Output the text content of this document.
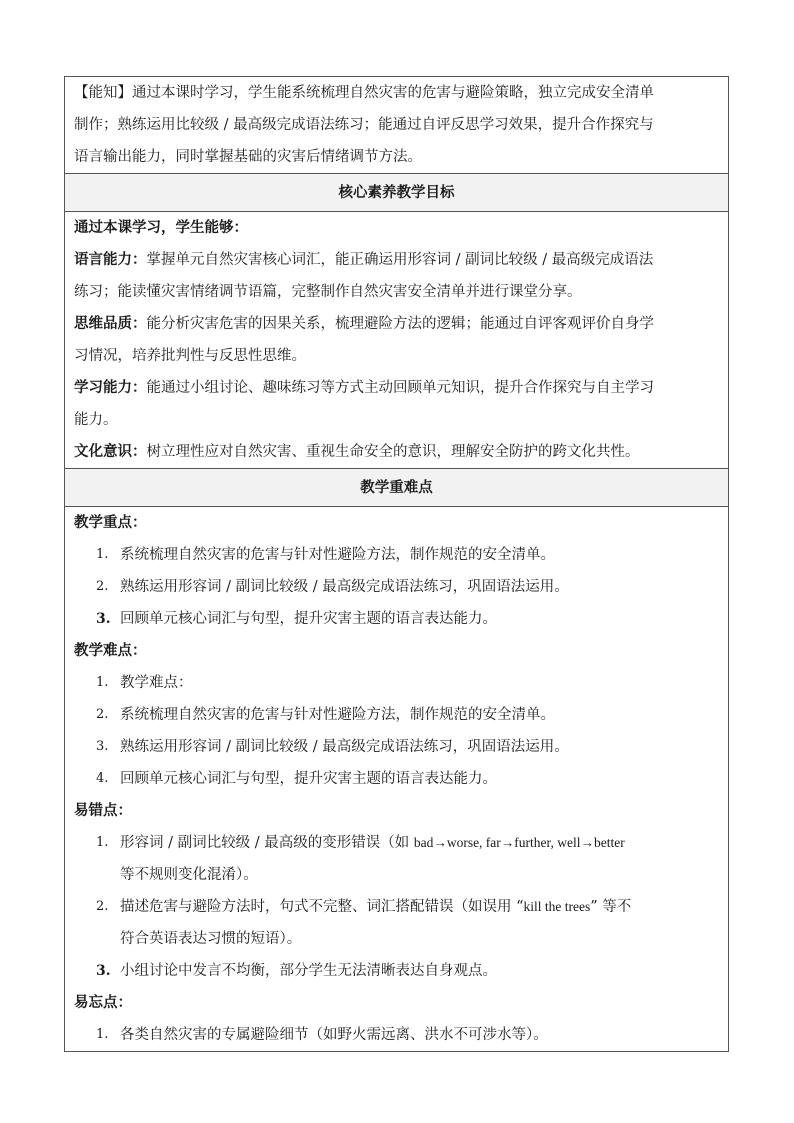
【能知】通过本课时学习，学生能系统梳理自然灾害的危害与避险策略，独立完成安全清单

制作；熟练运用比较级 / 最高级完成语法练习；能通过自评反思学习效果，提升合作探究与

语言输出能力，同时掌握基础的灾害后情绪调节方法。

核心素养教学目标

通过本课学习，学生能够：

语言能力：掌握单元自然灾害核心词汇，能正确运用形容词 / 副词比较级 / 最高级完成语法

练习；能读懂灾害情绪调节语篇，完整制作自然灾害安全清单并进行课堂分享。

思维品质：能分析灾害危害的因果关系，梳理避险方法的逻辑；能通过自评客观评价自身学

习情况，培养批判性与反思性思维。

学习能力：能通过小组讨论、趣味练习等方式主动回顾单元知识，提升合作探究与自主学习

能力。

文化意识：树立理性应对自然灾害、重视生命安全的意识，理解安全防护的跨文化共性。

教学重难点

教学重点：

1. 系统梳理自然灾害的危害与针对性避险方法，制作规范的安全清单。
2. 熟练运用形容词 / 副词比较级 / 最高级完成语法练习，巩固语法运用。
3. 回顾单元核心词汇与句型，提升灾害主题的语言表达能力。

教学难点：

1. 教学难点：
2. 系统梳理自然灾害的危害与针对性避险方法，制作规范的安全清单。
3. 熟练运用形容词 / 副词比较级 / 最高级完成语法练习，巩固语法运用。
4. 回顾单元核心词汇与句型，提升灾害主题的语言表达能力。

易错点：

1. 形容词 / 副词比较级 / 最高级的变形错误（如 bad→worse, far→further, well→better
等不规则变化混淆）。
2. 描述危害与避险方法时，句式不完整、词汇搭配错误（如误用 “kill the trees” 等不
符合英语表达习惯的短语）。
3. 小组讨论中发言不均衡，部分学生无法清晰表达自身观点。

易忘点：

1. 各类自然灾害的专属避险细节（如野火需远离、洪水不可涉水等）。
